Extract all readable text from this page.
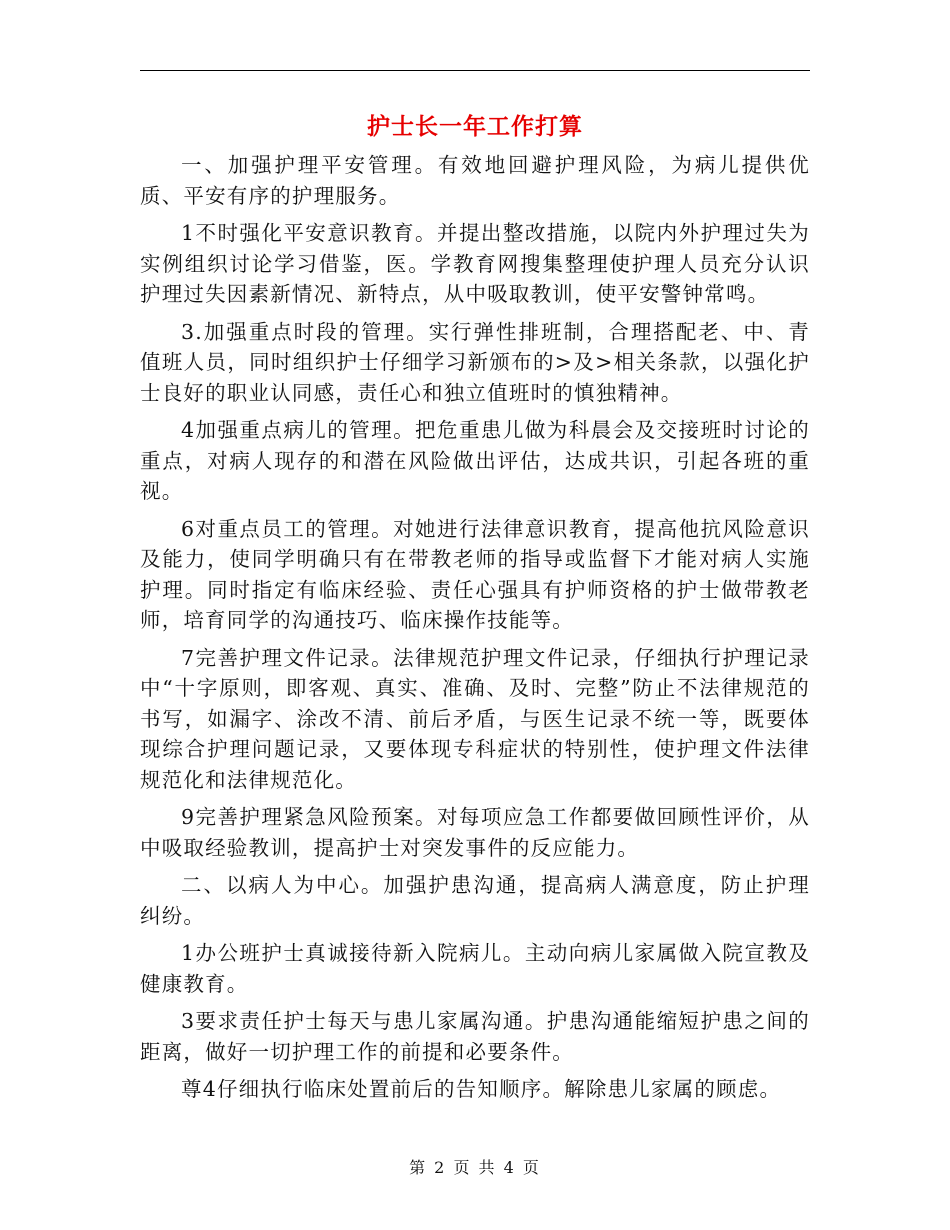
护士长一年工作打算

一、加强护理平安管理。有效地回避护理风险，为病儿提供优质、平安有序的护理服务。

1不时强化平安意识教育。并提出整改措施，以院内外护理过失为实例组织讨论学习借鉴，医。学教育网搜集整理使护理人员充分认识护理过失因素新情况、新特点，从中吸取教训，使平安警钟常鸣。

3.加强重点时段的管理。实行弹性排班制，合理搭配老、中、青值班人员，同时组织护士仔细学习新颁布的>及>相关条款，以强化护士良好的职业认同感，责任心和独立值班时的慎独精神。

4加强重点病儿的管理。把危重患儿做为科晨会及交接班时讨论的重点，对病人现存的和潜在风险做出评估，达成共识，引起各班的重视。

6对重点员工的管理。对她进行法律意识教育，提高他抗风险意识及能力，使同学明确只有在带教老师的指导或监督下才能对病人实施护理。同时指定有临床经验、责任心强具有护师资格的护士做带教老师，培育同学的沟通技巧、临床操作技能等。

7完善护理文件记录。法律规范护理文件记录，仔细执行护理记录中“十字原则，即客观、真实、准确、及时、完整”防止不法律规范的书写，如漏字、涂改不清、前后矛盾，与医生记录不统一等，既要体现综合护理问题记录，又要体现专科症状的特别性，使护理文件法律规范化和法律规范化。

9完善护理紧急风险预案。对每项应急工作都要做回顾性评价，从中吸取经验教训，提高护士对突发事件的反应能力。

二、以病人为中心。加强护患沟通，提高病人满意度，防止护理纠纷。

1办公班护士真诚接待新入院病儿。主动向病儿家属做入院宣教及健康教育。

3要求责任护士每天与患儿家属沟通。护患沟通能缩短护患之间的距离，做好一切护理工作的前提和必要条件。

尊4仔细执行临床处置前后的告知顺序。解除患儿家属的顾虑。

第 2 页 共 4 页
